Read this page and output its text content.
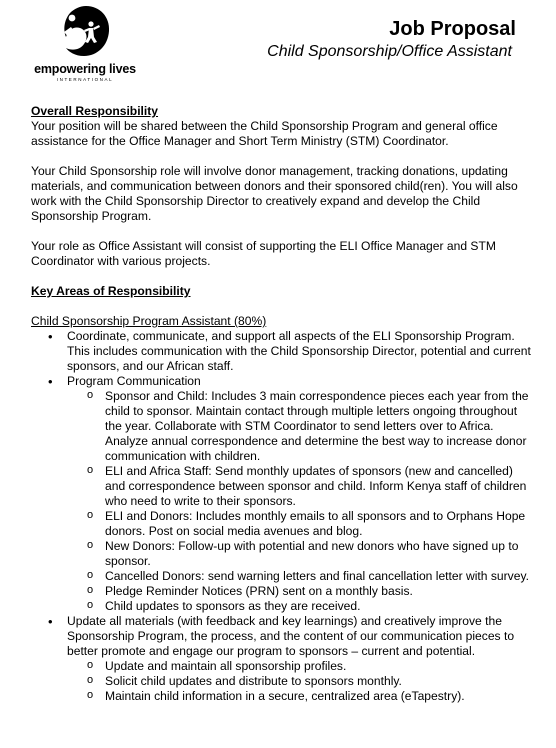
empowering lives
INTERNATIONAL
Job Proposal
Child Sponsorship/Office Assistant
Overall Responsibility

Your position will be shared between the Child Sponsorship Program and general office assistance for the Office Manager and Short Term Ministry (STM) Coordinator.

Your Child Sponsorship role will involve donor management, tracking donations, updating materials, and communication between donors and their sponsored child(ren). You will also work with the Child Sponsorship Director to creatively expand and develop the Child Sponsorship Program.

Your role as Office Assistant will consist of supporting the ELI Office Manager and STM Coordinator with various projects.

Key Areas of Responsibility
Child Sponsorship Program Assistant (80%)
• Coordinate, communicate, and support all aspects of the ELI Sponsorship Program. This includes communication with the Child Sponsorship Director, potential and current sponsors, and our African staff.
• Program Communication
o Sponsor and Child: Includes 3 main correspondence pieces each year from the child to sponsor. Maintain contact through multiple letters ongoing throughout the year. Collaborate with STM Coordinator to send letters over to Africa. Analyze annual correspondence and determine the best way to increase donor communication with children.
o ELI and Africa Staff: Send monthly updates of sponsors (new and cancelled) and correspondence between sponsor and child. Inform Kenya staff of children who need to write to their sponsors.
o ELI and Donors: Includes monthly emails to all sponsors and to Orphans Hope donors. Post on social media avenues and blog.
o New Donors: Follow-up with potential and new donors who have signed up to sponsor.
o Cancelled Donors: send warning letters and final cancellation letter with survey.
o Pledge Reminder Notices (PRN) sent on a monthly basis.
o Child updates to sponsors as they are received.
• Update all materials (with feedback and key learnings) and creatively improve the Sponsorship Program, the process, and the content of our communication pieces to better promote and engage our program to sponsors – current and potential.
o Update and maintain all sponsorship profiles.
o Solicit child updates and distribute to sponsors monthly.
o Maintain child information in a secure, centralized area (eTapestry).
